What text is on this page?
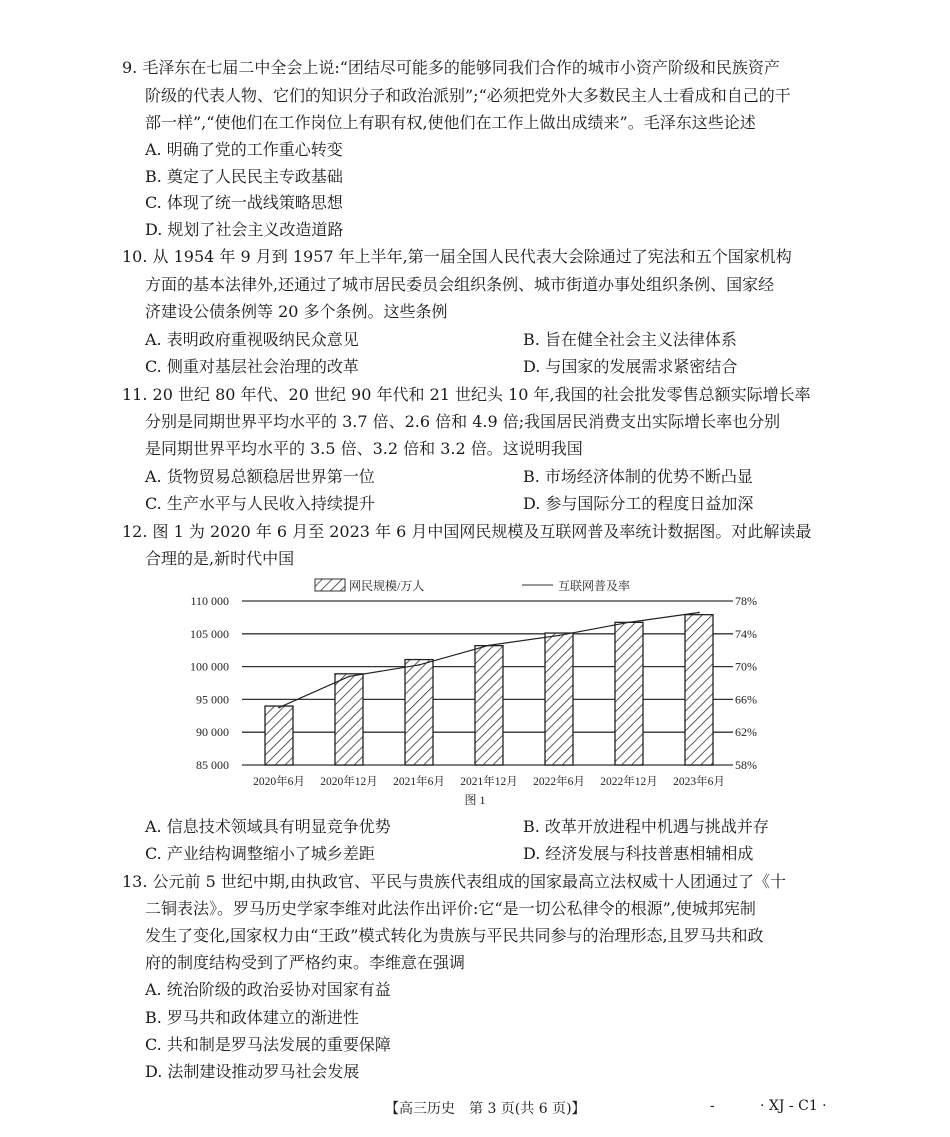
9. 毛泽东在七届二中全会上说:“团结尽可能多的能够同我们合作的城市小资产阶级和民族资产
阶级的代表人物、它们的知识分子和政治派别”;“必须把党外大多数民主人士看成和自己的干
部一样”,“使他们在工作岗位上有职有权,使他们在工作上做出成绩来”。毛泽东这些论述
A. 明确了党的工作重心转变
B. 奠定了人民民主专政基础
C. 体现了统一战线策略思想
D. 规划了社会主义改造道路
10. 从 1954 年 9 月到 1957 年上半年,第一届全国人民代表大会除通过了宪法和五个国家机构
方面的基本法律外,还通过了城市居民委员会组织条例、城市街道办事处组织条例、国家经
济建设公债条例等 20 多个条例。这些条例
A. 表明政府重视吸纳民众意见	B. 旨在健全社会主义法律体系
C. 侧重对基层社会治理的改革	D. 与国家的发展需求紧密结合
11. 20 世纪 80 年代、20 世纪 90 年代和 21 世纪头 10 年,我国的社会批发零售总额实际增长率
分别是同期世界平均水平的 3.7 倍、2.6 倍和 4.9 倍;我国居民消费支出实际增长率也分别
是同期世界平均水平的 3.5 倍、3.2 倍和 3.2 倍。这说明我国
A. 货物贸易总额稳居世界第一位	B. 市场经济体制的优势不断凸显
C. 生产水平与人民收入持续提升	D. 参与国际分工的程度日益加深
12. 图 1 为 2020 年 6 月至 2023 年 6 月中国网民规模及互联网普及率统计数据图。对此解读最
合理的是,新时代中国
85 000	58%
90 000	62%
95 000	66%
100 000	70%
105 000	74%
110 000	78%
2020年6月 2020年12月 2021年6月 2021年12月 2022年6月 2022年12月 2023年6月
网民规模/万人	互联网普及率
图 1
A. 信息技术领域具有明显竞争优势	B. 改革开放进程中机遇与挑战并存
C. 产业结构调整缩小了城乡差距	D. 经济发展与科技普惠相辅相成
13. 公元前 5 世纪中期,由执政官、平民与贵族代表组成的国家最高立法权威十人团通过了《十
二铜表法》。罗马历史学家李维对此法作出评价:它“是一切公私律令的根源”,使城邦宪制
发生了变化,国家权力由“王政”模式转化为贵族与平民共同参与的治理形态,且罗马共和政
府的制度结构受到了严格约束。李维意在强调
A. 统治阶级的政治妥协对国家有益
B. 罗马共和政体建立的渐进性
C. 共和制是罗马法发展的重要保障
D. 法制建设推动罗马社会发展
【高三历史　第 3 页(共 6 页)】	-	· XJ - C1 ·
